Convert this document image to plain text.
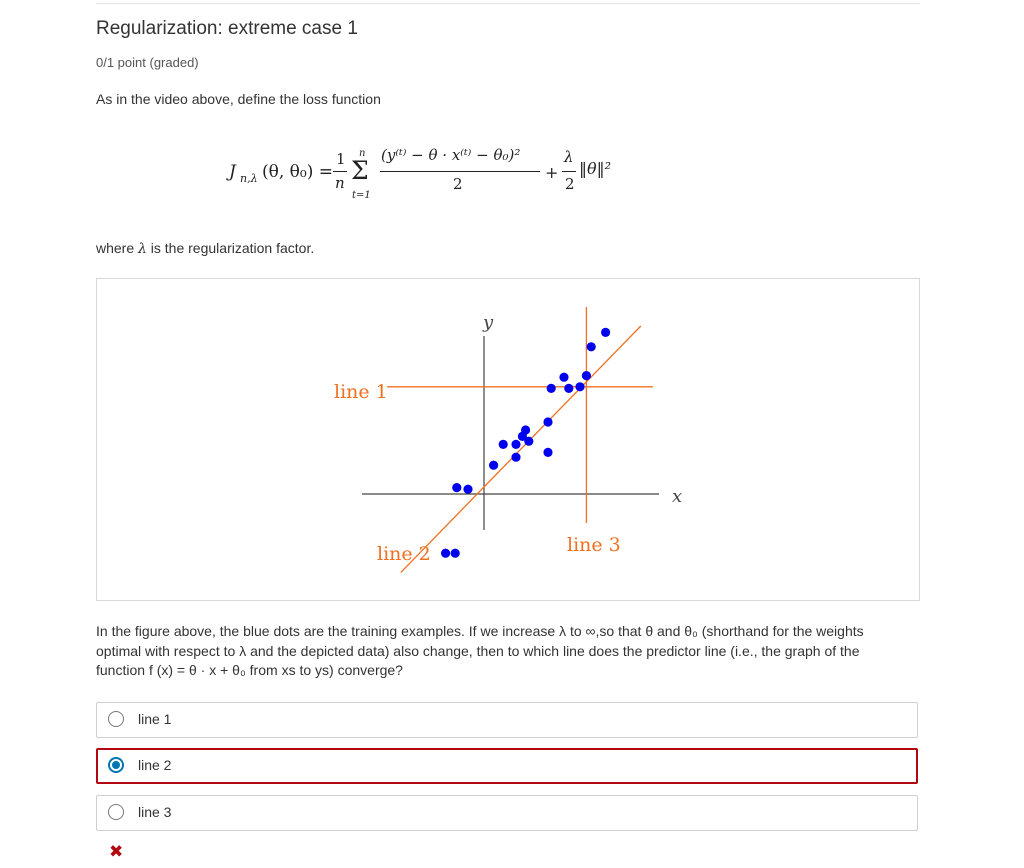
Regularization: extreme case 1
0/1 point (graded)
As in the video above, define the loss function
J n,λ (θ, θ₀) =
1
n
n
Σ
t=1
(y⁽ᵗ⁾ − θ · x⁽ᵗ⁾ − θ₀)²
2
+
λ
2
‖θ‖²
where λ is the regularization factor.
y
x
line 1
line 2	line 3
In the figure above, the blue dots are the training examples. If we increase λ to ∞,so that θ and θ₀ (shorthand for the weights optimal with respect to λ and the depicted data) also change, then to which line does the predictor line (i.e., the graph of the function f (x) = θ · x + θ₀ from xs to ys) converge?
line 1
line 2
line 3
✖
